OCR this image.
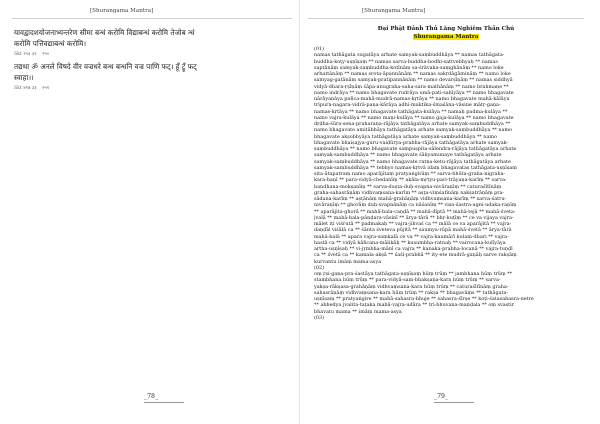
[Shurangama Mantra]
यावद्वादशयोजनाभ्यन्तरेण सीमा बन्धं करोमि विद्याबन्धं करोमि तेजोब न्धं
करोमि पत्तिवद्याबन्धं करोमि।
Skt २५३ ३२ २५०
तद्यथा ॐ अनले विषदे वीर वज्रधरे बन्ध बन्धनि वज्र पाणि फट्। हूँ ट्रूँ फट्
स्वाहा।।
Skt ४१७ ३३ २५१
_78_
[Shurangama Mantra]
Đại Phật Đảnh Thủ Lăng Nghiêm Thần Chú
Shurangama Mantra
(01)
namas tathāgata sugatāya arhate samyak-saṃbuddhāya ** namas tathāgata-
buddha-koṭy-uṣṇīṣaṃ ** namas sarva-buddha-bodhi-sattvebhyaḥ ** namas
saptānāṃ samyak-saṃbuddha-koṭīnāṃ sa-śrāvaka-saṃghānāṃ ** namo loke
arhattānāṃ ** namas srota-āpannānāṃ ** namas sakṛdāgāmināṃ ** namo loke
samyag-gatānāṃ samyak-pratipannānāṃ ** namo devarṣīṇāṃ ** namas siddhyā
vidyā-dhara-ṛṣīṇāṃ śāpa-anugraha-saha-sara-mathānāṃ ** namo brahmaṇe **
namo indrāya ** namo bhagavate rudrāya umā-pati-sahīyāya ** namo bhagavate
nārāyaṇāya pañca-mahā-mudrā-namas-kṛtāya ** namo bhagavate mahā-kālāya
tripura-nagara-vidrā-paṇa-kārāya adhi-muktika-śmaśāna-vāsine mātṛ-gaṇa-
namas-kṛtāya ** namo bhagavate tathāgata-kulāya ** namaḥ padma-kulāya **
namo vajra-kulāya ** namo maṇi-kulāya ** namo gaja-kulāya ** namo bhagavate
dṛḍha-śūra-sena-praharaṇa-rājāya tathāgatāya arhate samyak-saṃbuddhāya **
namo bhagavate amitābhāya tathāgatāya arhate samyak-saṃbuddhāya ** namo
bhagavate akṣobhyāya tathāgatāya arhate samyak-saṃbuddhāya ** namo
bhagavate bhaiṣajya-guru-vaiḍūrya-prabha-rājāya tathāgatāya arhate samyak-
saṃbuddhāya ** namo bhagavate saṃpuṣpita-sālendra-rājāya tathāgatāya arhate
samyak-saṃbuddhāya ** namo bhagavate śākyamunaye tathāgatāya arhate
samyak-saṃbuddhāya ** namo bhagavate ratna-ketu-rājāya tathāgatāya arhate
samyak-saṃbuddhāya ** tebhyo namas-kṛtvā idaṃ bhagavatas tathāgata-uṣṇīṣaṃ
sita-ātapatraṃ namo aparājitaṃ pratyaṅgirāṃ ** sarva-bhūta-graha-nigraha-
kara-haṇī ** para-vidyā-chedanīṃ ** akāla-mṛtyu-pari-trāyaṇa-karīṃ ** sarva-
bandhana-mokṣaṇīṃ ** sarva-duṣṭa-duḥ-svapna-nivāraṇīṃ ** caturaśītīnāṃ
graha-sahasrāṇāṃ vidhvaṃsana-karīṃ ** aṣṭa-viṃśatīnāṃ nakṣatrāṇāṃ pra-
sādana-karīṃ ** aṣṭānāṃ mahā-grahāṇāṃ vidhvaṃsana-karīṃ ** sarva-śatru-
nivāraṇīṃ ** ghorāṃ duḥ-svapnānāṃ ca nāśanīṃ ** viṣa-śastra-agni-udaka-raṇīṃ
** aparājita-ghorā ** mahā-bala-caṇḍā ** mahā-dīptā ** mahā-tejā ** mahā-śveta-
jvalā ** mahā-bala-pāṇḍara-vāsinī ** ārya-tārā ** bhṛ-kuṭīṃ ** ce va vijaya vajra-
mālet iṭi viśrutā ** padmakaḥ ** vajra-jihvaś ca ** mālā ce va aparājitā ** vajra-
daṇḍīś viśālā ca ** śānta śveteva pūjitā ** saumya-rūpā mahā-śvetā ** ārya-tārā
mahā-balā ** apara vajra-saṃkalā ce va ** vajra-kaumārī kulaṃ-dhari ** vajra-
hastā ca ** vidyā kāñcana-mālikāḥ ** kusumbha-ratnaḥ ** vairocana-kulīyāya
artha-uṣṇīṣaḥ ** vi-jṛmbha-mānī ca vajra ** kanaka-prabha-locanā ** vajra-tuṇḍī
ca ** śvetā ca ** kamala-akṣā ** śaśi-prabhā ** ity-ete mudrā-gaṇāḥ sarve rakṣāṃ
kurvantu imāṃ mama-asya
(02)
oṃ ṛṣi-gaṇa-pra-śastāya tathāgata-uṣṇīṣaṃ hūṃ trūṃ ** jambhana hūṃ trūṃ **
stambhana hūṃ trūṃ ** para-vidyā-saṃ-bhakṣaṇa-kara hūṃ trūṃ ** sarva-
yakṣa-rākṣasa-grahāṇāṃ vidhvaṃsana-kara hūṃ trūṃ ** caturaśītīnāṃ graha-
sahasrāṇāṃ vidhvaṃsana-kara hūṃ trūṃ ** rakṣa ** bhagavāṃs ** tathāgata-
uṣṇīṣaṃ ** pratyaṅgire ** mahā-sahasra-bhuje ** sahasra-śīrṣe ** koṭi-śatasahasra-netre
** abhedya jvalita-taṭaka mahā-vajra-udāra ** tri-bhuvana-maṇḍala ** oṃ svastir
bhavatu mama ** imāṃ mama-asya
(03)
_79_
